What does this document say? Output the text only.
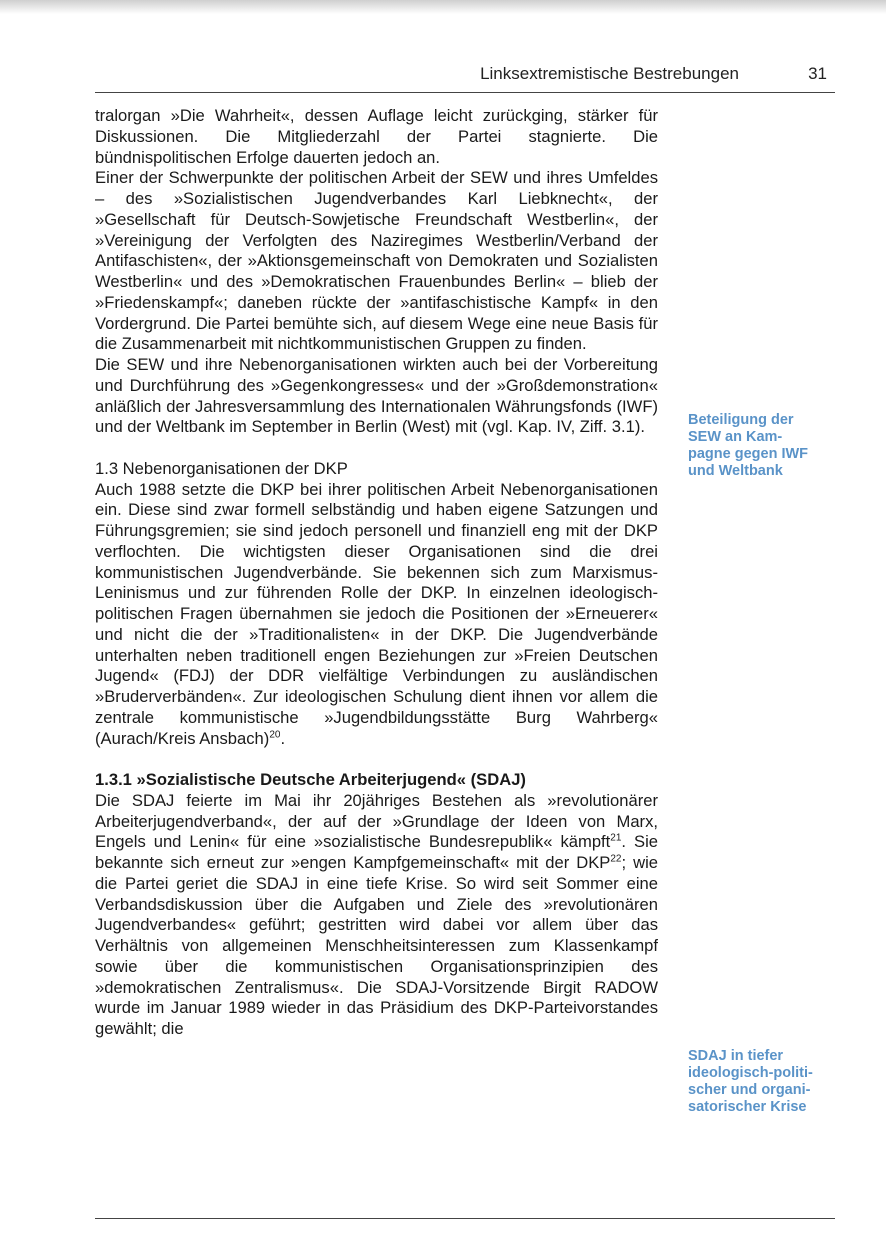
Linksextremistische Bestrebungen	31

tralorgan »Die Wahrheit«, dessen Auflage leicht zurückging, stärker für Diskussionen. Die Mitgliederzahl der Partei stagnierte. Die bündnispolitischen Erfolge dauerten jedoch an.

Einer der Schwerpunkte der politischen Arbeit der SEW und ihres Umfeldes – des »Sozialistischen Jugendverbandes Karl Liebknecht«, der »Gesellschaft für Deutsch-Sowjetische Freundschaft Westberlin«, der »Vereinigung der Verfolgten des Naziregimes Westberlin/Verband der Antifaschisten«, der »Aktionsgemeinschaft von Demokraten und Sozialisten Westberlin« und des »Demokratischen Frauenbundes Berlin« – blieb der »Friedenskampf«; daneben rückte der »antifaschistische Kampf« in den Vordergrund. Die Partei bemühte sich, auf diesem Wege eine neue Basis für die Zusammenarbeit mit nichtkommunistischen Gruppen zu finden.

Die SEW und ihre Nebenorganisationen wirkten auch bei der Vorbereitung und Durchführung des »Gegenkongresses« und der »Großdemonstration« anläßlich der Jahresversammlung des Internationalen Währungsfonds (IWF) und der Weltbank im September in Berlin (West) mit (vgl. Kap. IV, Ziff. 3.1).

1.3 Nebenorganisationen der DKP

Auch 1988 setzte die DKP bei ihrer politischen Arbeit Nebenorganisationen ein. Diese sind zwar formell selbständig und haben eigene Satzungen und Führungsgremien; sie sind jedoch personell und finanziell eng mit der DKP verflochten. Die wichtigsten dieser Organisationen sind die drei kommunistischen Jugendverbände. Sie bekennen sich zum Marxismus-Leninismus und zur führenden Rolle der DKP. In einzelnen ideologisch-politischen Fragen übernahmen sie jedoch die Positionen der »Erneuerer« und nicht die der »Traditionalisten« in der DKP. Die Jugendverbände unterhalten neben traditionell engen Beziehungen zur »Freien Deutschen Jugend« (FDJ) der DDR vielfältige Verbindungen zu ausländischen »Bruderverbänden«. Zur ideologischen Schulung dient ihnen vor allem die zentrale kommunistische »Jugendbildungsstätte Burg Wahrberg« (Aurach/Kreis Ansbach)$^{20}$.

1.3.1 »Sozialistische Deutsche Arbeiterjugend« (SDAJ)

Die SDAJ feierte im Mai ihr 20jähriges Bestehen als »revolutionärer Arbeiterjugendverband«, der auf der »Grundlage der Ideen von Marx, Engels und Lenin« für eine »sozialistische Bundesrepublik« kämpft$^{21}$. Sie bekannte sich erneut zur »engen Kampfgemeinschaft« mit der DKP$^{22}$; wie die Partei geriet die SDAJ in eine tiefe Krise. So wird seit Sommer eine Verbandsdiskussion über die Aufgaben und Ziele des »revolutionären Jugendverbandes« geführt; gestritten wird dabei vor allem über das Verhältnis von allgemeinen Menschheitsinteressen zum Klassenkampf sowie über die kommunistischen Organisationsprinzipien des »demokratischen Zentralismus«. Die SDAJ-Vorsitzende Birgit RADOW wurde im Januar 1989 wieder in das Präsidium des DKP-Parteivorstandes gewählt; die

Beteiligung der
SEW an Kam-
pagne gegen IWF
und Weltbank
SDAJ in tiefer
ideologisch-politi-
scher und organi-
satorischer Krise
